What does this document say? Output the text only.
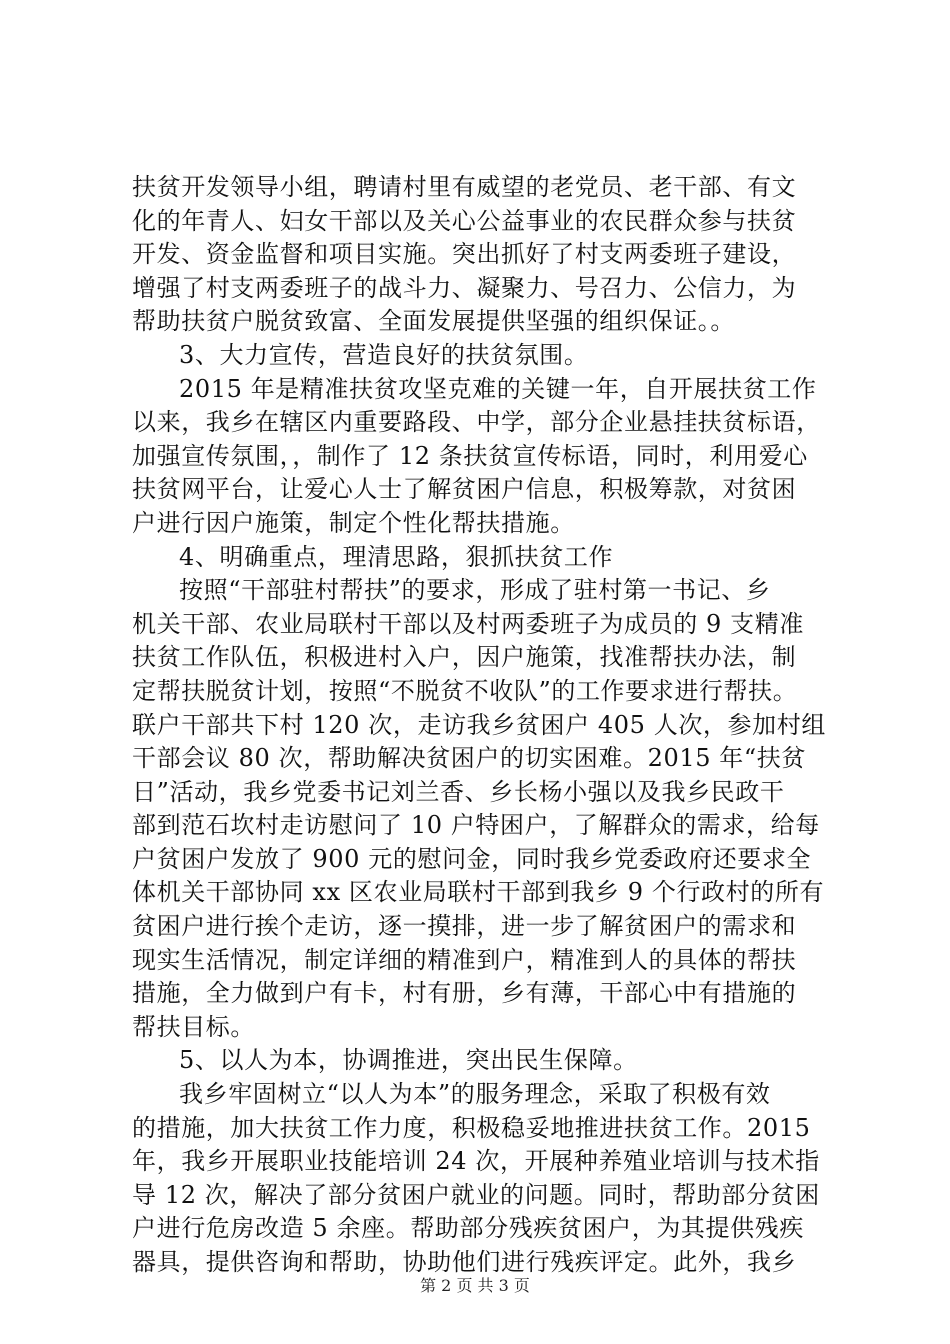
扶贫开发领导小组，聘请村里有威望的老党员、老干部、有文
化的年青人、妇女干部以及关心公益事业的农民群众参与扶贫
开发、资金监督和项目实施。突出抓好了村支两委班子建设，
增强了村支两委班子的战斗力、凝聚力、号召力、公信力，为
帮助扶贫户脱贫致富、全面发展提供坚强的组织保证。。
3、大力宣传，营造良好的扶贫氛围。
2015 年是精准扶贫攻坚克难的关键一年，自开展扶贫工作
以来，我乡在辖区内重要路段、中学，部分企业悬挂扶贫标语，
加强宣传氛围，，制作了 12 条扶贫宣传标语，同时，利用爱心
扶贫网平台，让爱心人士了解贫困户信息，积极筹款，对贫困
户进行因户施策，制定个性化帮扶措施。
4、明确重点，理清思路，狠抓扶贫工作
按照“干部驻村帮扶”的要求，形成了驻村第一书记、乡
机关干部、农业局联村干部以及村两委班子为成员的 9 支精准
扶贫工作队伍，积极进村入户，因户施策，找准帮扶办法，制
定帮扶脱贫计划，按照“不脱贫不收队”的工作要求进行帮扶。
联户干部共下村 120 次，走访我乡贫困户 405 人次，参加村组
干部会议 80 次，帮助解决贫困户的切实困难。2015 年“扶贫
日”活动，我乡党委书记刘兰香、乡长杨小强以及我乡民政干
部到范石坎村走访慰问了 10 户特困户，了解群众的需求，给每
户贫困户发放了 900 元的慰问金，同时我乡党委政府还要求全
体机关干部协同 xx 区农业局联村干部到我乡 9 个行政村的所有
贫困户进行挨个走访，逐一摸排，进一步了解贫困户的需求和
现实生活情况，制定详细的精准到户，精准到人的具体的帮扶
措施，全力做到户有卡，村有册，乡有薄，干部心中有措施的
帮扶目标。
5、以人为本，协调推进，突出民生保障。
我乡牢固树立“以人为本”的服务理念，采取了积极有效
的措施，加大扶贫工作力度，积极稳妥地推进扶贫工作。2015
年，我乡开展职业技能培训 24 次，开展种养殖业培训与技术指
导 12 次，解决了部分贫困户就业的问题。同时，帮助部分贫困
户进行危房改造 5 余座。帮助部分残疾贫困户，为其提供残疾
器具，提供咨询和帮助，协助他们进行残疾评定。此外，我乡
第 2 页 共 3 页
